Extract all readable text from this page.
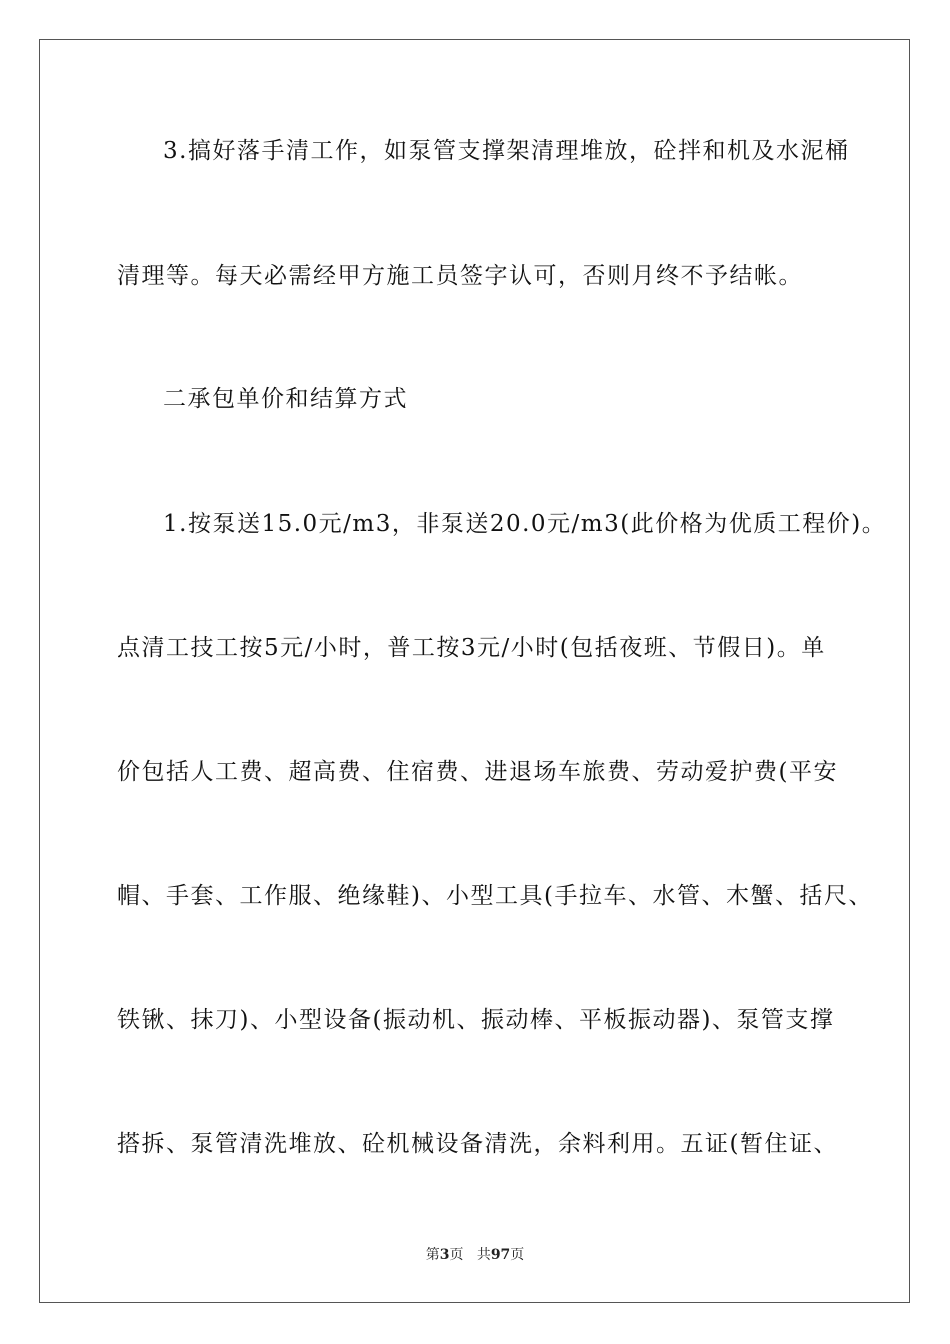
3.搞好落手清工作，如泵管支撑架清理堆放，砼拌和机及水泥桶
清理等。每天必需经甲方施工员签字认可，否则月终不予结帐。
二承包单价和结算方式
1.按泵送15.0元/m3，非泵送20.0元/m3(此价格为优质工程价)。
点清工技工按5元/小时，普工按3元/小时(包括夜班、节假日)。单
价包括人工费、超高费、住宿费、进退场车旅费、劳动爱护费(平安
帽、手套、工作服、绝缘鞋)、小型工具(手拉车、水管、木蟹、括尺、
铁锹、抹刀)、小型设备(振动机、振动棒、平板振动器)、泵管支撑
搭拆、泵管清洗堆放、砼机械设备清洗，余料利用。五证(暂住证、
第3页 共97页
